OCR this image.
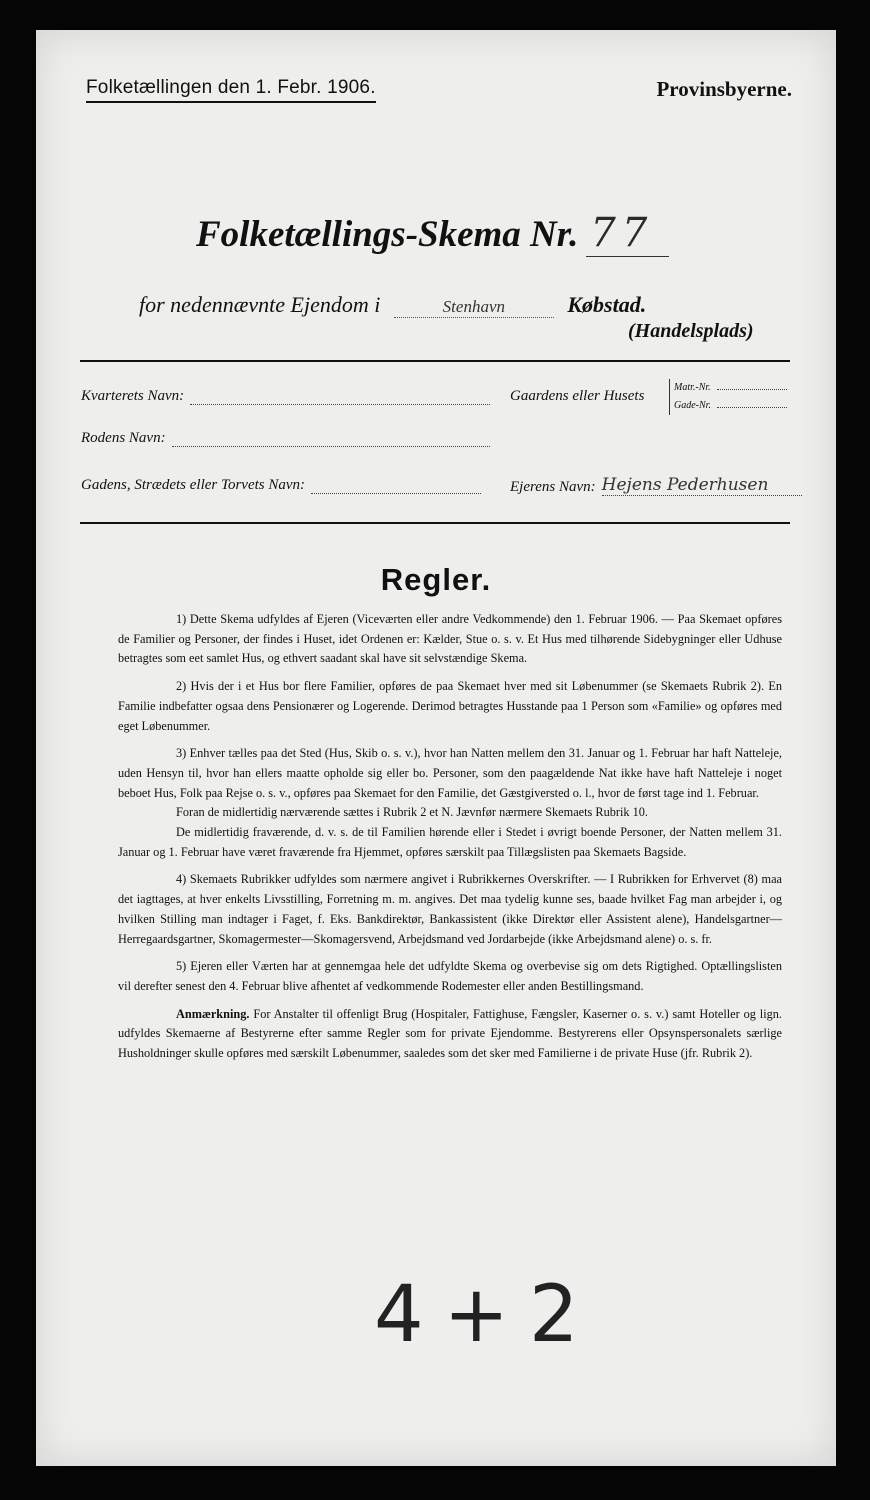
Folketællingen den 1. Febr. 1906.	Provinsbyerne.
Folketællings-Skema Nr. 77
for nedennævnte Ejendom i	Stenhavn	Købstad.
(Handelsplads)
Kvarterets Navn:	Gaardens eller Husets
Matr.-Nr.
Gade-Nr.
Rodens Navn:
Gadens, Strædets eller Torvets Navn:	Ejerens Navn: Hejens Pederhusen
Regler.

1) Dette Skema udfyldes af Ejeren (Viceværten eller andre Vedkommende) den 1. Februar 1906. — Paa Skemaet opføres de Familier og Personer, der findes i Huset, idet Ordenen er: Kælder, Stue o. s. v. Et Hus med tilhørende Sidebygninger eller Udhuse betragtes som eet samlet Hus, og ethvert saadant skal have sit selvstændige Skema.

2) Hvis der i et Hus bor flere Familier, opføres de paa Skemaet hver med sit Løbenummer (se Skemaets Rubrik 2). En Familie indbefatter ogsaa dens Pensionærer og Logerende. Derimod betragtes Husstande paa 1 Person som «Familie» og opføres med eget Løbenummer.

3) Enhver tælles paa det Sted (Hus, Skib o. s. v.), hvor han Natten mellem den 31. Januar og 1. Februar har haft Natteleje, uden Hensyn til, hvor han ellers maatte opholde sig eller bo. Personer, som den paagældende Nat ikke have haft Natteleje i noget beboet Hus, Folk paa Rejse o. s. v., opføres paa Skemaet for den Familie, det Gæstgiversted o. l., hvor de først tage ind 1. Februar.

Foran de midlertidig nærværende sættes i Rubrik 2 et N. Jævnfør nærmere Skemaets Rubrik 10.

De midlertidig fraværende, d. v. s. de til Familien hørende eller i Stedet i øvrigt boende Personer, der Natten mellem 31. Januar og 1. Februar have været fraværende fra Hjemmet, opføres særskilt paa Tillægslisten paa Skemaets Bagside.

4) Skemaets Rubrikker udfyldes som nærmere angivet i Rubrikkernes Overskrifter. — I Rubrikken for Erhvervet (8) maa det iagttages, at hver enkelts Livsstilling, Forretning m. m. angives. Det maa tydelig kunne ses, baade hvilket Fag man arbejder i, og hvilken Stilling man indtager i Faget, f. Eks. Bankdirektør, Bankassistent (ikke Direktør eller Assistent alene), Handelsgartner—Herregaardsgartner, Skomagermester—Skomagersvend, Arbejdsmand ved Jordarbejde (ikke Arbejdsmand alene) o. s. fr.

5) Ejeren eller Værten har at gennemgaa hele det udfyldte Skema og overbevise sig om dets Rigtighed. Optællingslisten vil derefter senest den 4. Februar blive afhentet af vedkommende Rodemester eller anden Bestillingsmand.

Anmærkning. For Anstalter til offenligt Brug (Hospitaler, Fattighuse, Fængsler, Kaserner o. s. v.) samt Hoteller og lign. udfyldes Skemaerne af Bestyrerne efter samme Regler som for private Ejendomme. Bestyrerens eller Opsynspersonalets særlige Husholdninger skulle opføres med særskilt Løbenummer, saaledes som det sker med Familierne i de private Huse (jfr. Rubrik 2).

4+2
